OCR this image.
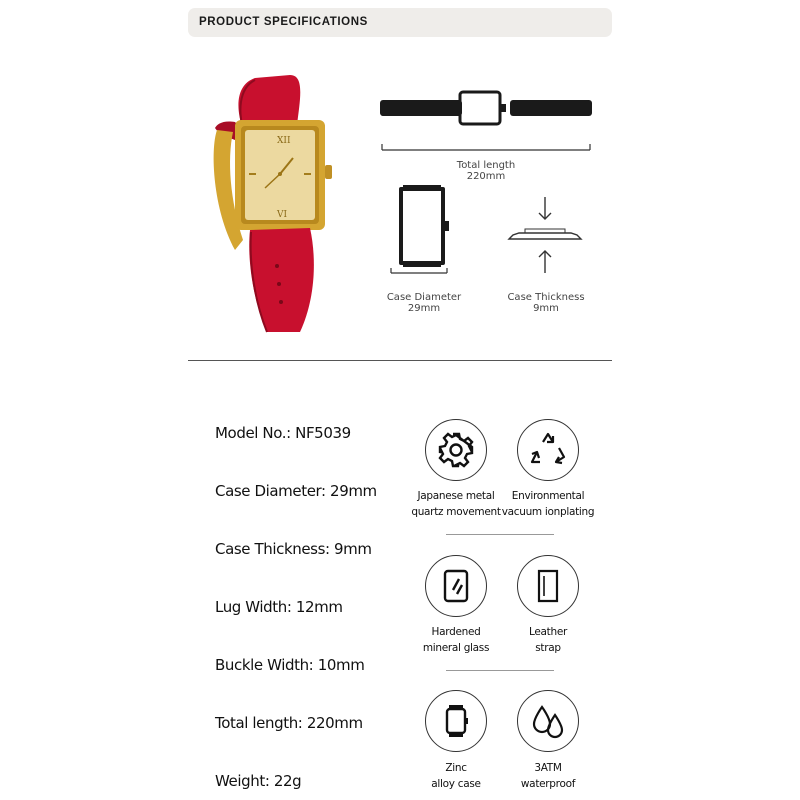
PRODUCT SPECIFICATIONS
XII
VI
Total length
220mm
Case Diameter
29mm
Case Thickness
9mm
Model No.: NF5039
Case Diameter: 29mm
Case Thickness: 9mm
Lug Width: 12mm
Buckle Width: 10mm
Total length: 220mm
Weight: 22g
Japanese metal
quartz movement
Environmental
vacuum ionplating
Hardened
mineral glass
Leather
strap
Zinc
alloy case
3ATM
waterproof
